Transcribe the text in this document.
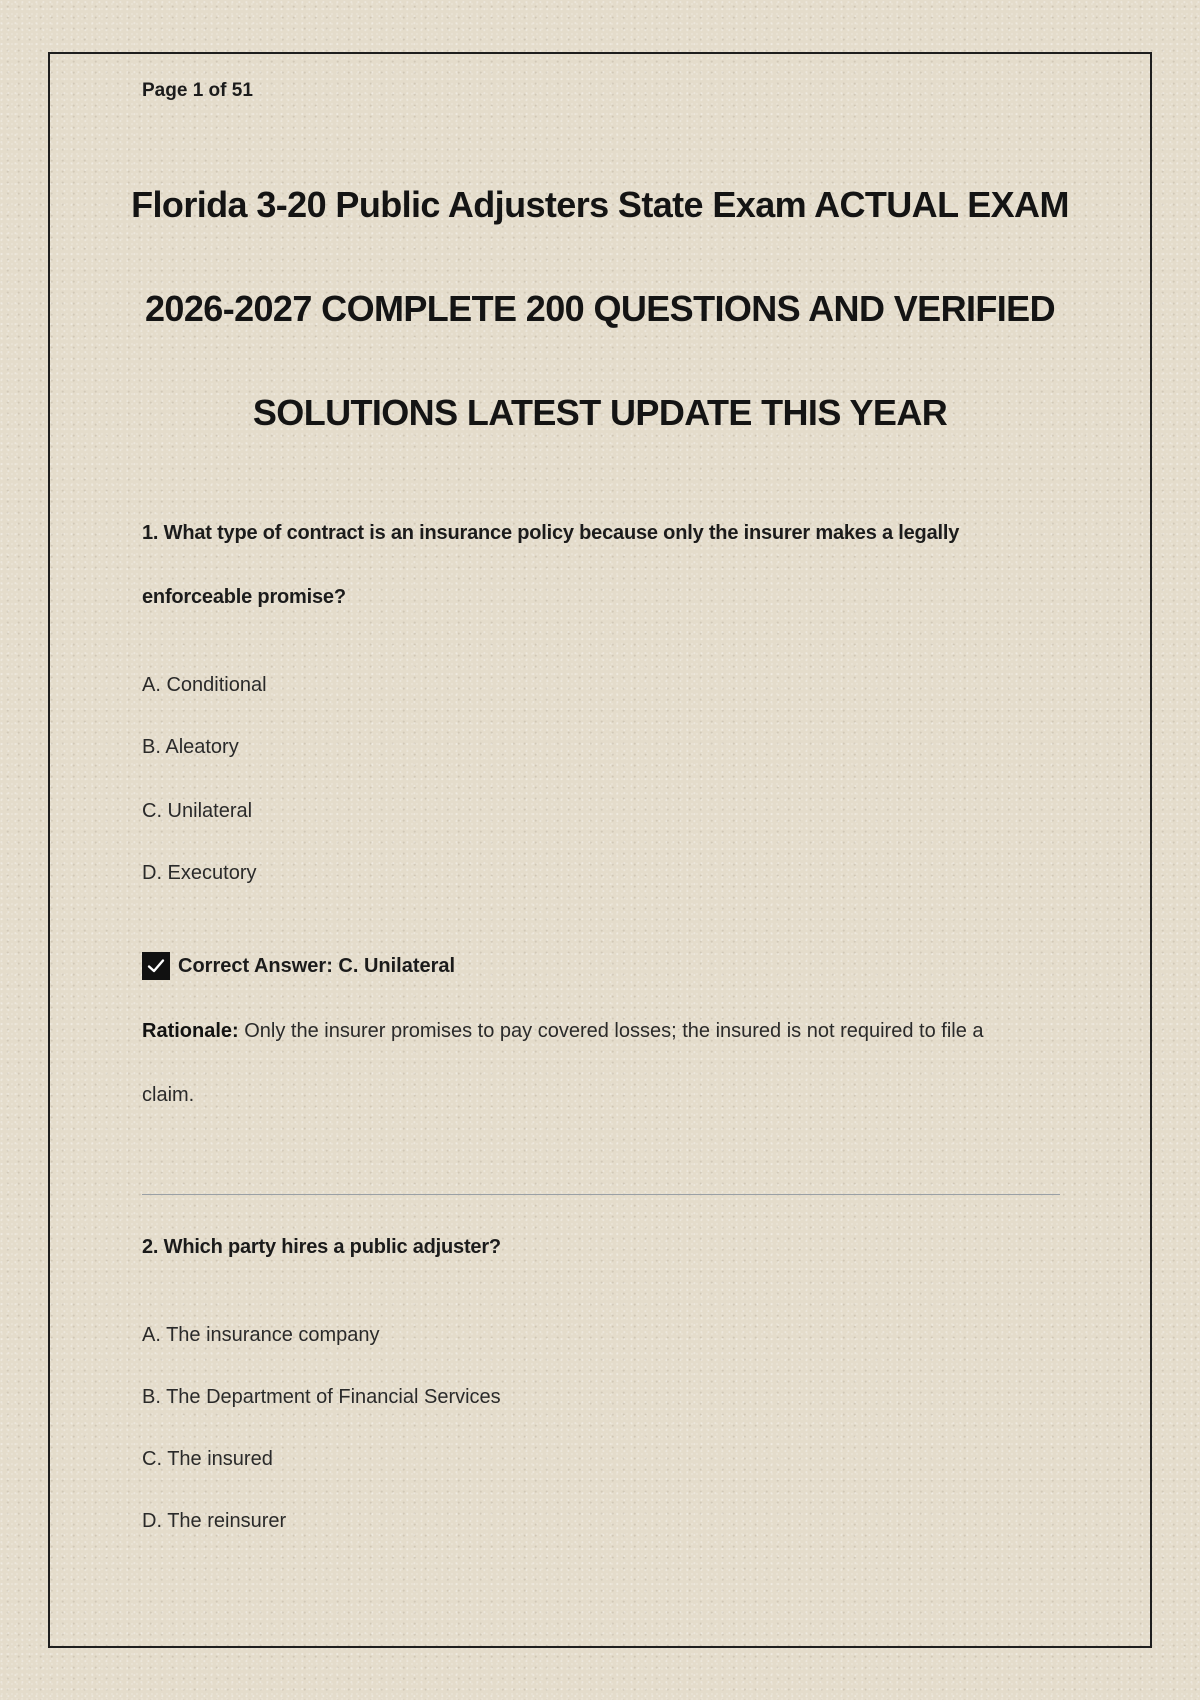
Page 1 of 51
Florida 3-20 Public Adjusters State Exam ACTUAL EXAM
2026-2027 COMPLETE 200 QUESTIONS AND VERIFIED
SOLUTIONS LATEST UPDATE THIS YEAR
1. What type of contract is an insurance policy because only the insurer makes a legally
enforceable promise?
A. Conditional
B. Aleatory
C. Unilateral
D. Executory
Correct Answer: C. Unilateral
Rationale: Only the insurer promises to pay covered losses; the insured is not required to file a
claim.
2. Which party hires a public adjuster?
A. The insurance company
B. The Department of Financial Services
C. The insured
D. The reinsurer
